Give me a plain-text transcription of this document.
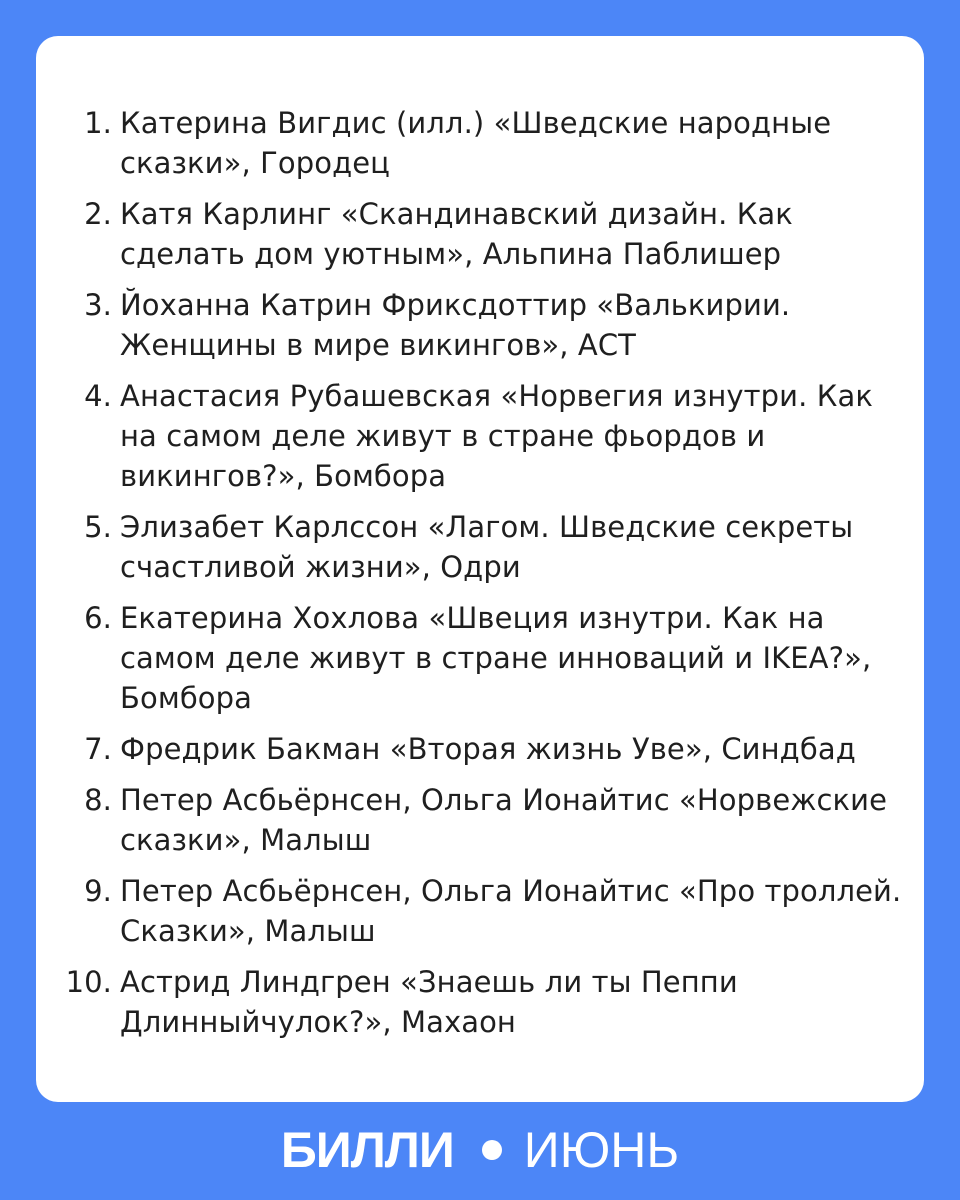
1. Катерина Вигдис (илл.) «Шведские народные сказки», Городец
2. Катя Карлинг «Скандинавский дизайн. Как сделать дом уютным», Альпина Паблишер
3. Йоханна Катрин Фриксдоттир «Валькирии. Женщины в мире викингов», АСТ
4. Анастасия Рубашевская «Норвегия изнутри. Как на самом деле живут в стране фьордов и викингов?», Бомбора
5. Элизабет Карлссон «Лагом. Шведские секреты счастливой жизни», Одри
6. Екатерина Хохлова «Швеция изнутри. Как на самом деле живут в стране инноваций и IKEA?», Бомбора
7. Фредрик Бакман «Вторая жизнь Уве», Синдбад
8. Петер Асбьёрнсен, Ольга Ионайтис «Норвежские сказки», Малыш
9. Петер Асбьёрнсен, Ольга Ионайтис «Про троллей. Сказки», Малыш
10. Астрид Линдгрен «Знаешь ли ты Пеппи Длинныйчулок?», Махаон
БИЛЛИ ИЮНЬ
